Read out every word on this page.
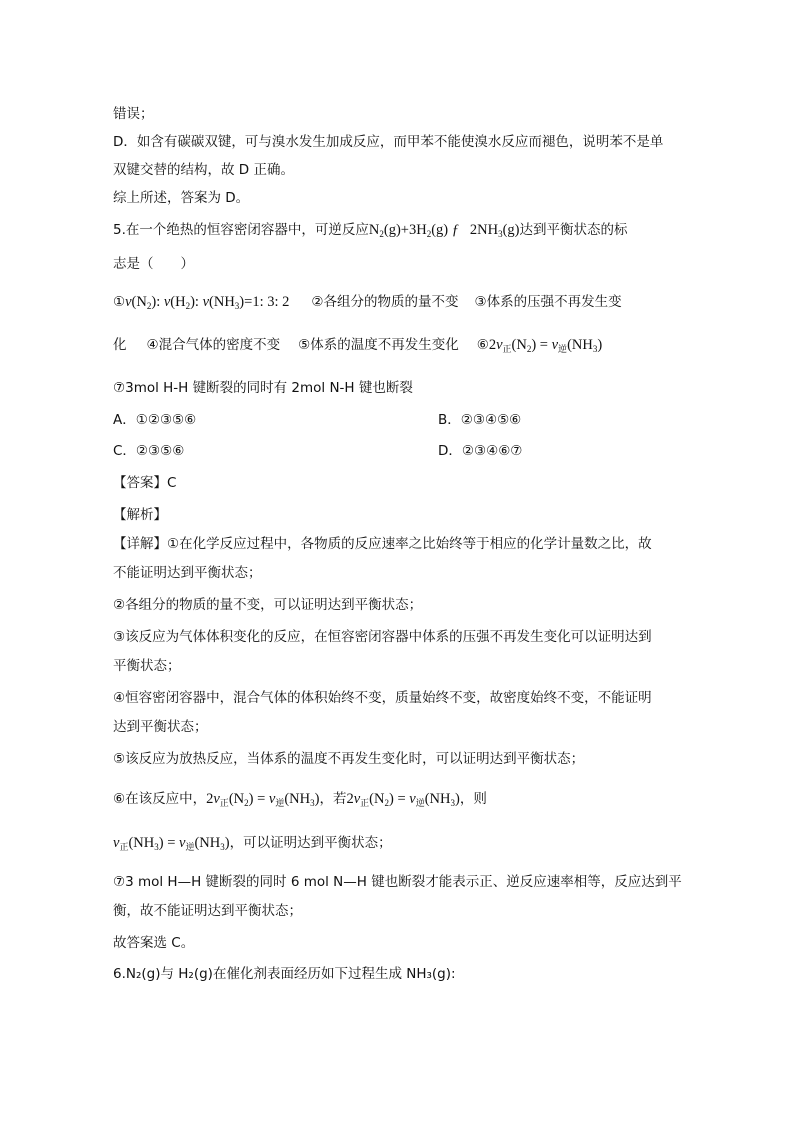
错误；
D．如含有碳碳双键，可与溴水发生加成反应，而甲苯不能使溴水反应而褪色，说明苯不是单
双键交替的结构，故 D 正确。
综上所述，答案为 D。
5.在一个绝热的恒容密闭容器中，可逆反应$N_2(g)+3H_2(g)$ ƒ $2NH_3(g)$达到平衡状态的标
志是（　　）
$①v(N_2)$: $v(H_2)$: $v(NH_3)=1$: 3: 2 ②各组分的物质的量不变 ③体系的压强不再发生变
化 ④混合气体的密度不变 ⑤体系的温度不再发生变化 $⑥2v_正(N_2) = v_逆(NH_3)$
⑦3mol H-H 键断裂的同时有 2mol N-H 键也断裂
A．①②③⑤⑥	B．②③④⑤⑥
C．②③⑤⑥	D．②③④⑥⑦
【答案】C
【解析】
【详解】①在化学反应过程中，各物质的反应速率之比始终等于相应的化学计量数之比，故
不能证明达到平衡状态；
②各组分的物质的量不变，可以证明达到平衡状态；
③该反应为气体体积变化的反应，在恒容密闭容器中体系的压强不再发生变化可以证明达到
平衡状态；
④恒容密闭容器中，混合气体的体积始终不变，质量始终不变，故密度始终不变，不能证明
达到平衡状态；
⑤该反应为放热反应，当体系的温度不再发生变化时，可以证明达到平衡状态；
⑥在该反应中，$2v_正(N_2) = v_逆(NH_3)$，若$2v_正(N_2) = v_逆(NH_3)$，则
$v_正(NH_3) = v_逆(NH_3)$，可以证明达到平衡状态；
⑦3 mol H—H 键断裂的同时 6 mol N—H 键也断裂才能表示正、逆反应速率相等，反应达到平
衡，故不能证明达到平衡状态；
故答案选 C。
6.N₂(g)与 H₂(g)在催化剂表面经历如下过程生成 NH₃(g):
